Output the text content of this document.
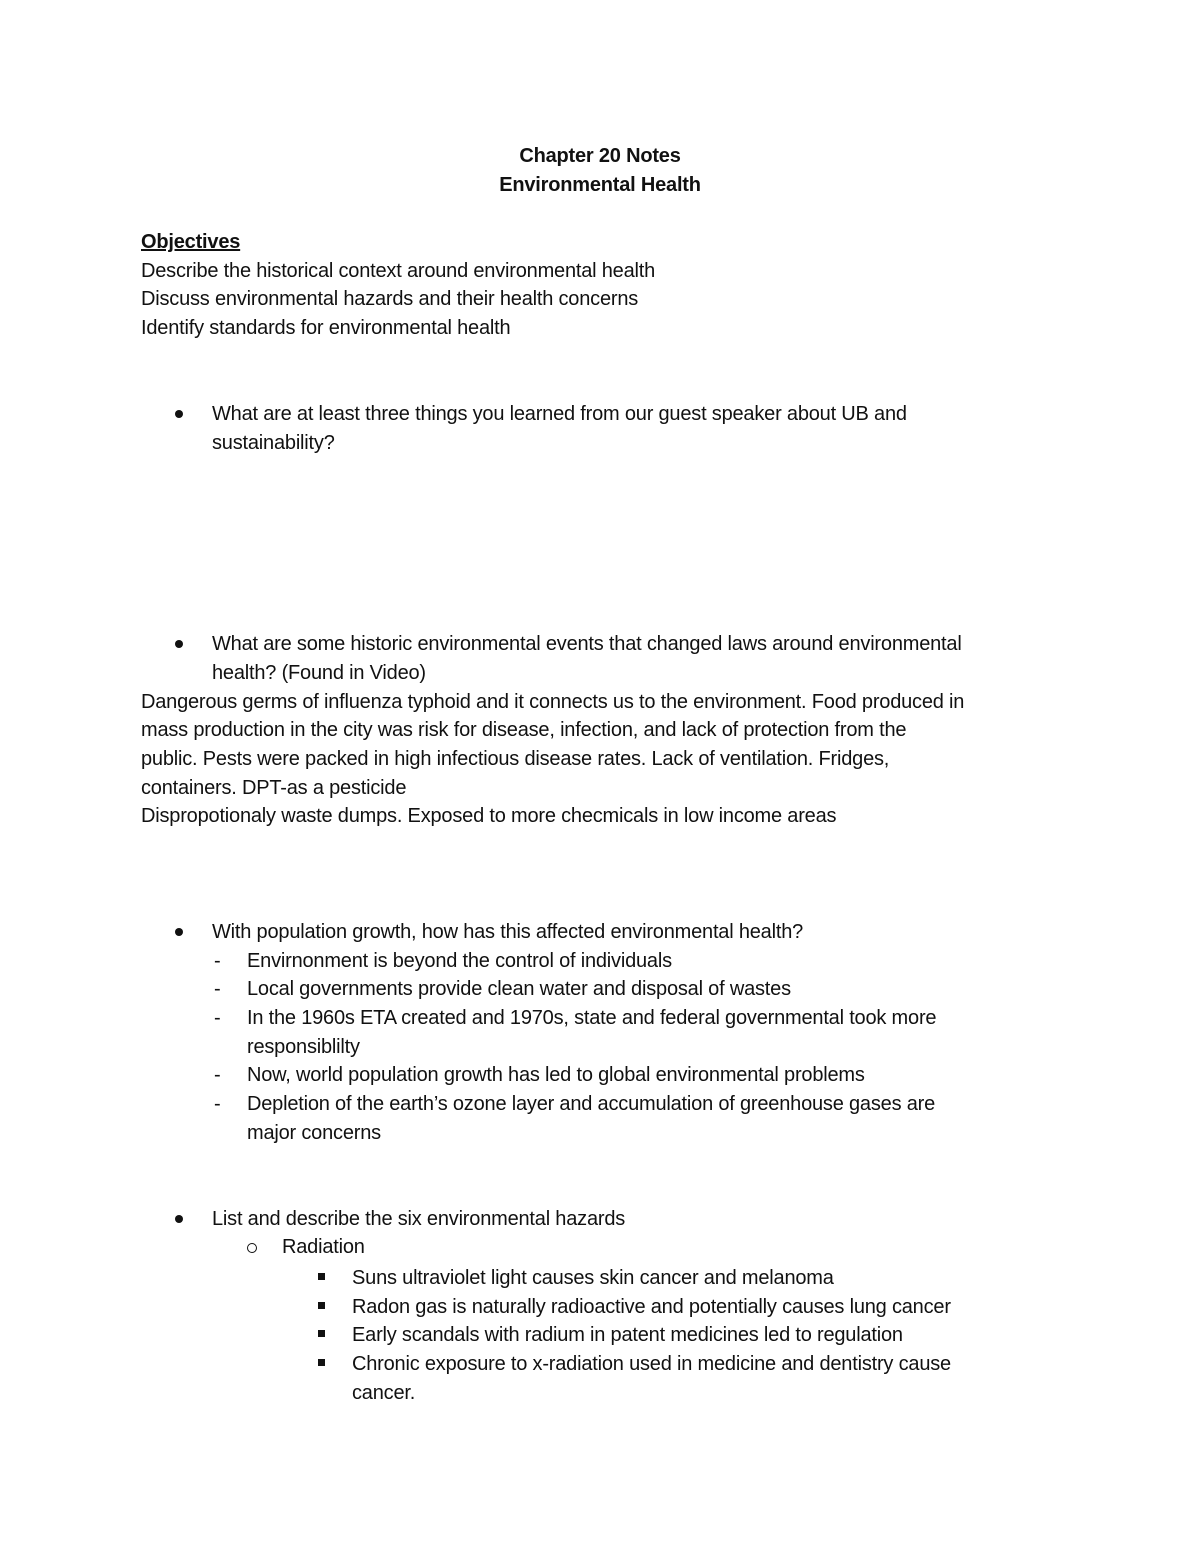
Chapter 20 Notes
Environmental Health
Objectives
Describe the historical context around environmental health
Discuss environmental hazards and their health concerns
Identify standards for environmental health
What are at least three things you learned from our guest speaker about UB and
sustainability?
What are some historic environmental events that changed laws around environmental
health? (Found in Video)
Dangerous germs of influenza typhoid and it connects us to the environment. Food produced in
mass production in the city was risk for disease, infection, and lack of protection from the
public. Pests were packed in high infectious disease rates. Lack of ventilation. Fridges,
containers. DPT-as a pesticide
Dispropotionaly waste dumps. Exposed to more checmicals in low income areas
With population growth, how has this affected environmental health?
- Envirnonment is beyond the control of individuals
- Local governments provide clean water and disposal of wastes
- In the 1960s ETA created and 1970s, state and federal governmental took more
responsiblilty
- Now, world population growth has led to global environmental problems
- Depletion of the earth’s ozone layer and accumulation of greenhouse gases are
major concerns
List and describe the six environmental hazards
Radiation
Suns ultraviolet light causes skin cancer and melanoma
Radon gas is naturally radioactive and potentially causes lung cancer
Early scandals with radium in patent medicines led to regulation
Chronic exposure to x-radiation used in medicine and dentistry cause
cancer.
